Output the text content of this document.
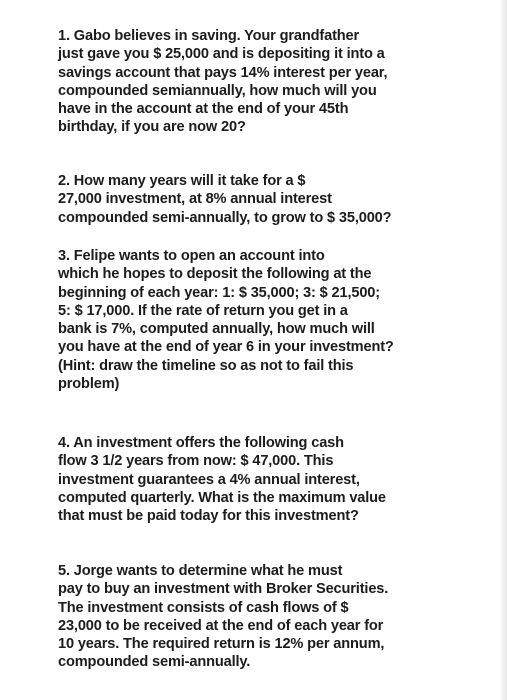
1. Gabo believes in saving. Your grandfather
just gave you $ 25,000 and is depositing it into a
savings account that pays 14% interest per year,
compounded semiannually, how much will you
have in the account at the end of your 45th
birthday, if you are now 20?

2. How many years will it take for a $
27,000 investment, at 8% annual interest
compounded semi-annually, to grow to $ 35,000?

3. Felipe wants to open an account into
which he hopes to deposit the following at the
beginning of each year: 1: $ 35,000; 3: $ 21,500;
5: $ 17,000. If the rate of return you get in a
bank is 7%, computed annually, how much will
you have at the end of year 6 in your investment?
(Hint: draw the timeline so as not to fail this
problem)

4. An investment offers the following cash
flow 3 1/2 years from now: $ 47,000. This
investment guarantees a 4% annual interest,
computed quarterly. What is the maximum value
that must be paid today for this investment?

5. Jorge wants to determine what he must
pay to buy an investment with Broker Securities.
The investment consists of cash flows of $
23,000 to be received at the end of each year for
10 years. The required return is 12% per annum,
compounded semi-annually.
